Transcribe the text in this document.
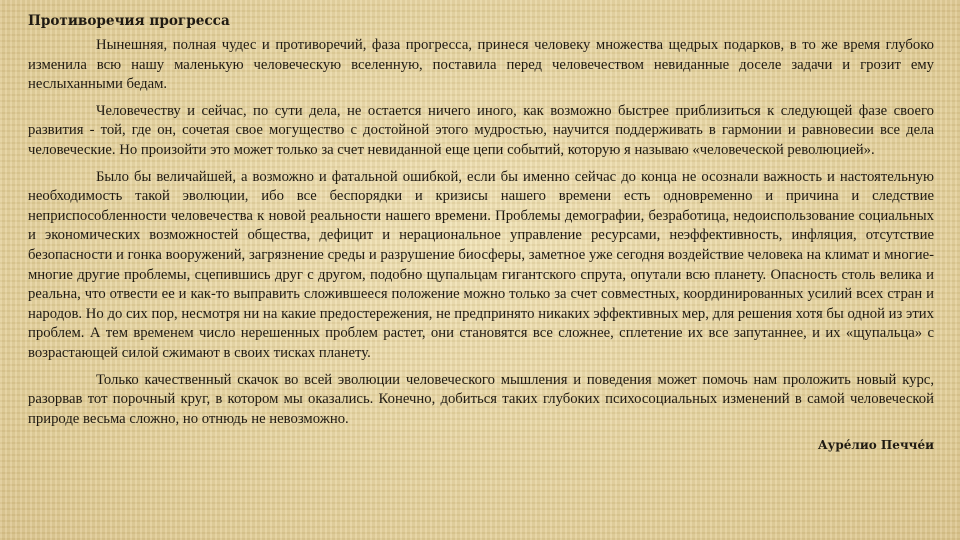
Противоречия прогресса

Нынешняя, полная чудес и противоречий, фаза прогресса, принеся человеку множества щедрых подарков, в то же время глубоко изменила всю нашу маленькую человеческую вселенную, поставила перед человечеством невиданные доселе задачи и грозит ему неслыханными бедам.

Человечеству и сейчас, по сути дела, не остается ничего иного, как возможно быстрее приблизиться к следующей фазе своего развития - той, где он, сочетая свое могущество с достойной этого мудростью, научится поддерживать в гармонии и равновесии все дела человеческие. Но произойти это может только за счет невиданной еще цепи событий, которую я называю «человеческой революцией».

Было бы величайшей, а возможно и фатальной ошибкой, если бы именно сейчас до конца не осознали важность и настоятельную необходимость такой эволюции, ибо все беспорядки и кризисы нашего времени есть одновременно и причина и следствие неприспособленности человечества к новой реальности нашего времени. Проблемы демографии, безработица, недоиспользование социальных и экономических возможностей общества, дефицит и нерациональное управление ресурсами, неэффективность, инфляция, отсутствие безопасности и гонка вооружений, загрязнение среды и разрушение биосферы, заметное уже сегодня воздействие человека на климат и многие-многие другие проблемы, сцепившись друг с другом, подобно щупальцам гигантского спрута, опутали всю планету. Опасность столь велика и реальна, что отвести ее и как-то выправить сложившееся положение можно только за счет совместных, координированных усилий всех стран и народов. Но до сих пор, несмотря ни на какие предостережения, не предпринято никаких эффективных мер, для решения хотя бы одной из этих проблем. А тем временем число нерешенных проблем растет, они становятся все сложнее, сплетение их все запутаннее, и их «щупальца» с возрастающей силой сжимают в своих тисках планету.

Только качественный скачок во всей эволюции человеческого мышления и поведения может помочь нам проложить новый курс, разорвав тот порочный круг, в котором мы оказались. Конечно, добиться таких глубоких психосоциальных изменений в самой человеческой природе весьма сложно, но отнюдь не невозможно.

Ауре́лио Печче́и
